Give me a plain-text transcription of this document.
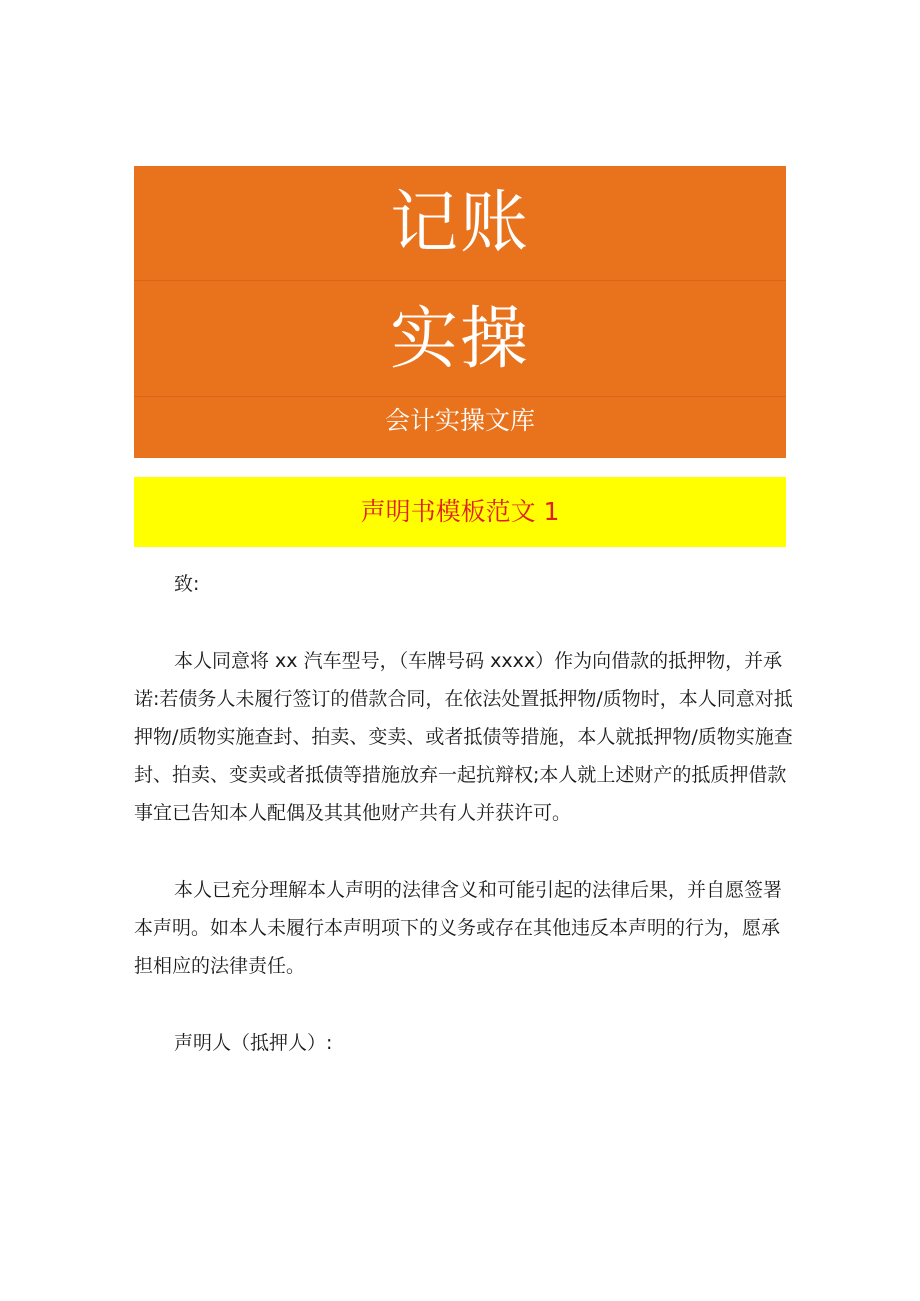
记账
实操
会计实操文库
声明书模板范文 1

致:

本人同意将 xx 汽车型号，（车牌号码 xxxx）作为向借款的抵押物，并承诺:若债务人未履行签订的借款合同，在依法处置抵押物/质物时，本人同意对抵押物/质物实施查封、拍卖、变卖、或者抵债等措施，本人就抵押物/质物实施查封、拍卖、变卖或者抵债等措施放弃一起抗辩权;本人就上述财产的抵质押借款事宜已告知本人配偶及其其他财产共有人并获许可。

本人已充分理解本人声明的法律含义和可能引起的法律后果，并自愿签署本声明。如本人未履行本声明项下的义务或存在其他违反本声明的行为，愿承担相应的法律责任。

声明人（抵押人）:
